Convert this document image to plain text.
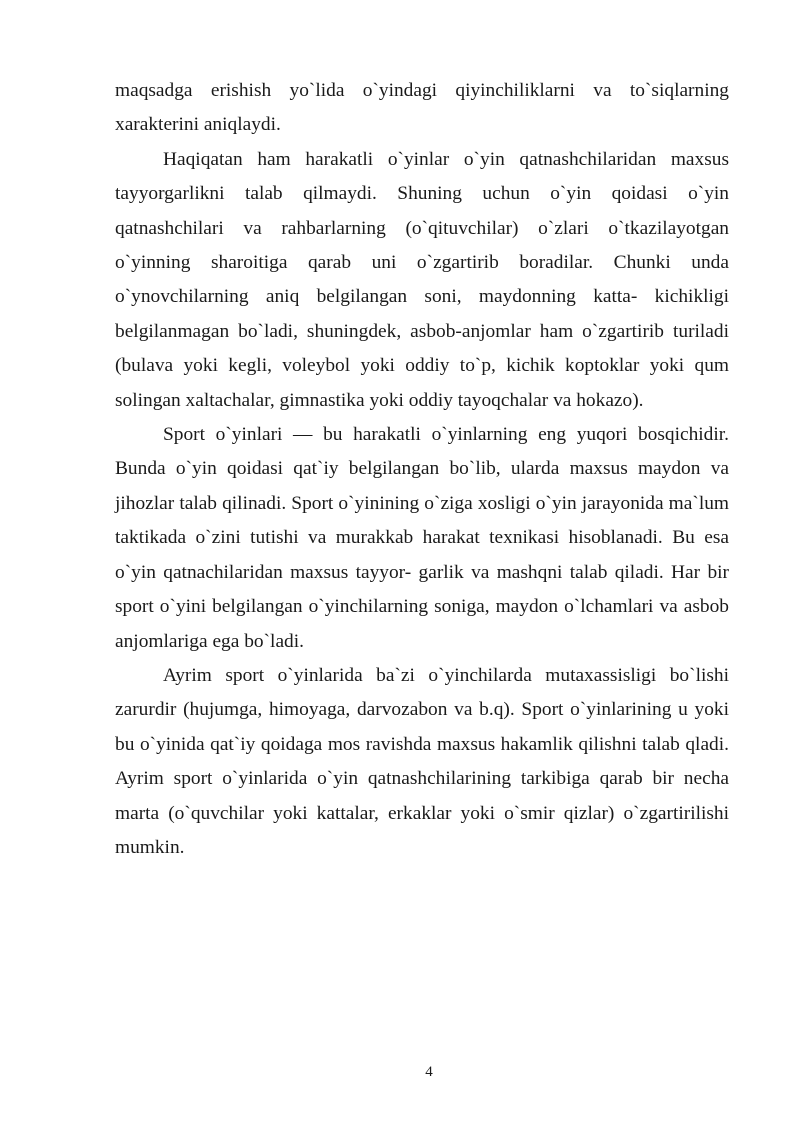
maqsadga erishish yo`lida o`yindagi qiyinchiliklarni va to`siqlarning xarakterini aniqlaydi.

Haqiqatan ham harakatli o`yinlar o`yin qatnashchilaridan maxsus tayyorgarlikni talab qilmaydi. Shuning uchun o`yin qoidasi o`yin qatnashchilari va rahbarlarning (o`qituvchilar) o`zlari o`tkazilayotgan o`yinning sharoitiga qarab uni o`zgartirib boradilar. Chunki unda o`ynovchilarning aniq belgilangan soni, maydonning katta- kichikligi belgilanmagan bo`ladi, shuningdek, asbob-anjomlar ham o`zgartirib turiladi (bulava yoki kegli, voleybol yoki oddiy to`p, kichik koptoklar yoki qum solingan xaltachalar, gimnastika yoki oddiy tayoqchalar va hokazo).

Sport o`yinlari — bu harakatli o`yinlarning eng yuqori bosqichidir. Bunda o`yin qoidasi qat`iy belgilangan bo`lib, ularda maxsus maydon va jihozlar talab qilinadi. Sport o`yinining o`ziga xosligi o`yin jarayonida ma`lum taktikada o`zini tutishi va murakkab harakat texnikasi hisoblanadi. Bu esa o`yin qatnachilaridan maxsus tayyor- garlik va mashqni talab qiladi. Har bir sport o`yini belgilangan o`yinchilarning soniga, maydon o`lchamlari va asbob anjomlariga ega bo`ladi.

Ayrim sport o`yinlarida ba`zi o`yinchilarda mutaxassisligi bo`lishi zarurdir (hujumga, himoyaga, darvozabon va b.q). Sport o`yinlarining u yoki bu o`yinida qat`iy qoidaga mos ravishda maxsus hakamlik qilishni talab qladi. Ayrim sport o`yinlarida o`yin qatnashchilarining tarkibiga qarab bir necha marta (o`quvchilar yoki kattalar, erkaklar yoki o`smir qizlar) o`zgartirilishi mumkin.

4
